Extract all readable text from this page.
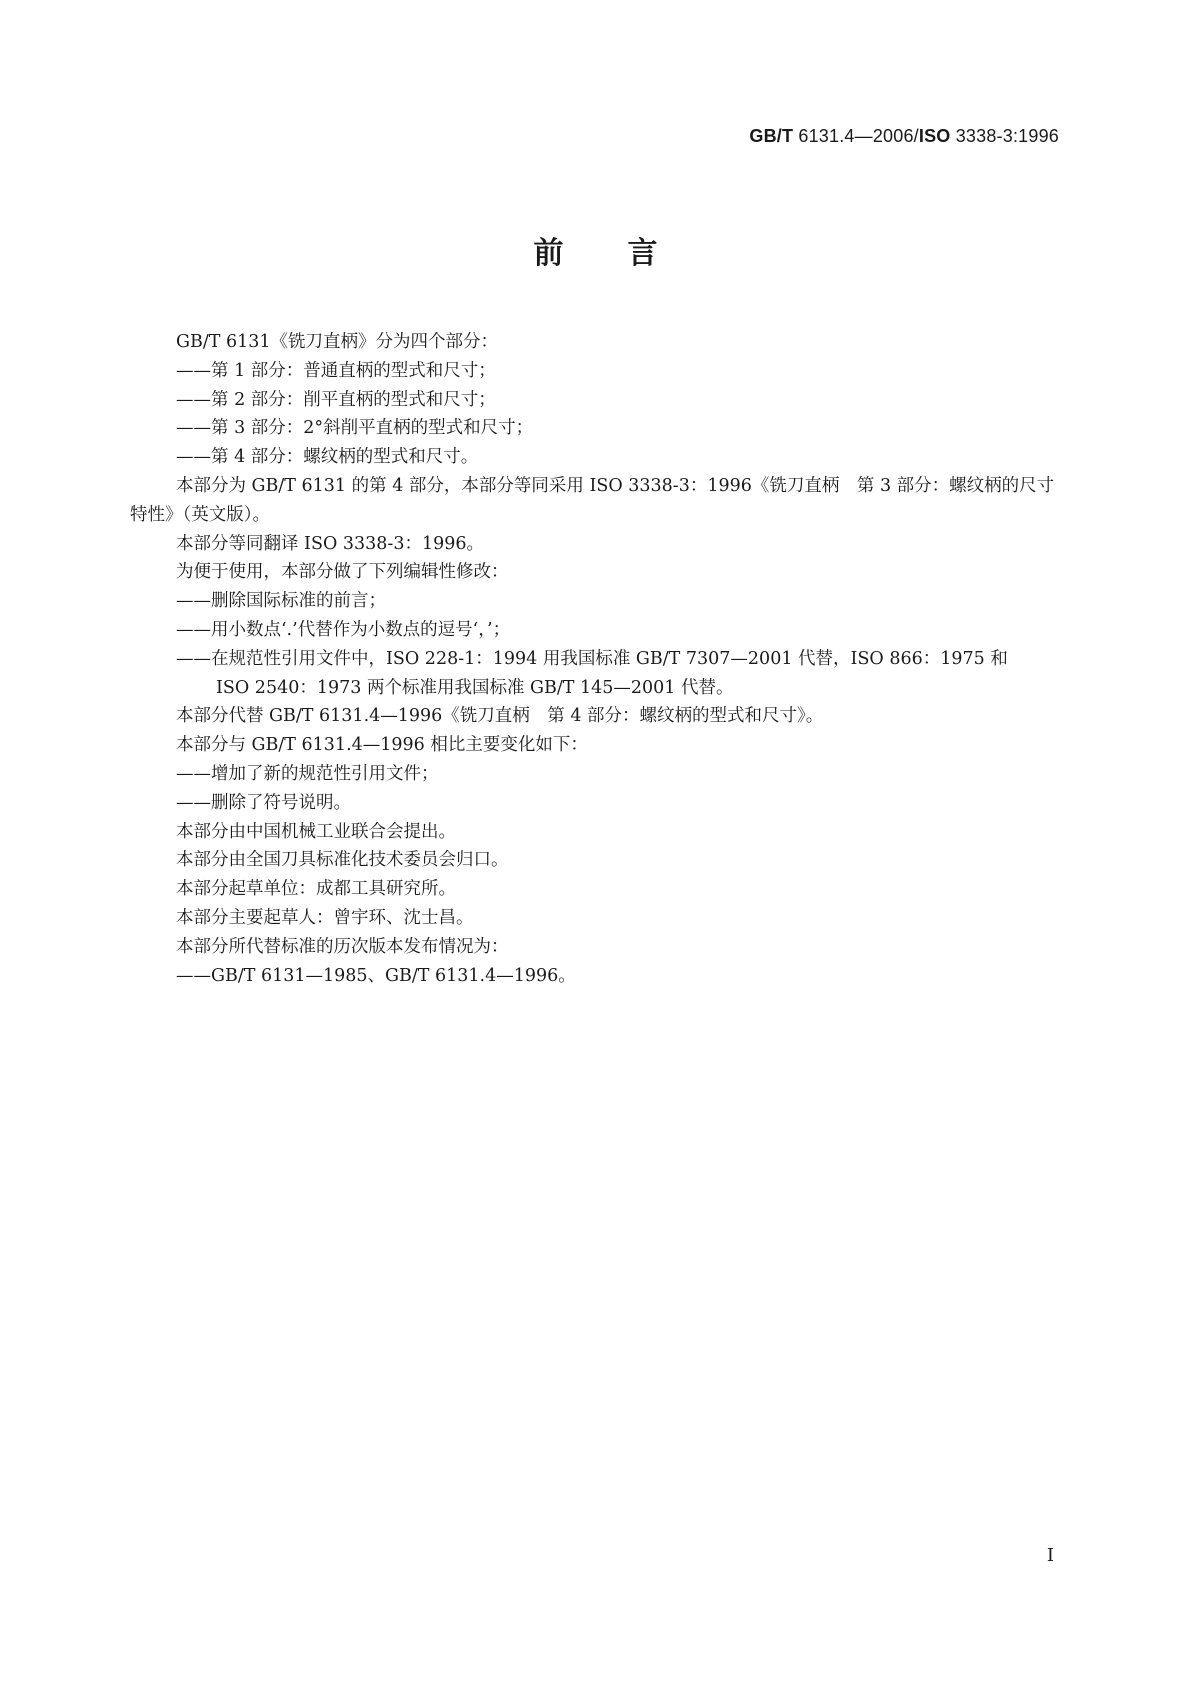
GB/T 6131.4—2006/ISO 3338-3:1996
前言

GB/T 6131《铣刀直柄》分为四个部分：

——第 1 部分：普通直柄的型式和尺寸；

——第 2 部分：削平直柄的型式和尺寸；

——第 3 部分：2°斜削平直柄的型式和尺寸；

——第 4 部分：螺纹柄的型式和尺寸。

本部分为 GB/T 6131 的第 4 部分，本部分等同采用 ISO 3338-3：1996《铣刀直柄　第 3 部分：螺纹柄的尺寸特性》（英文版）。

本部分等同翻译 ISO 3338-3：1996。

为便于使用，本部分做了下列编辑性修改：

——删除国际标准的前言；

——用小数点‘.’代替作为小数点的逗号‘，’；

——在规范性引用文件中，ISO 228-1：1994 用我国标准 GB/T 7307—2001 代替，ISO 866：1975 和

ISO 2540：1973 两个标准用我国标准 GB/T 145—2001 代替。

本部分代替 GB/T 6131.4—1996《铣刀直柄　第 4 部分：螺纹柄的型式和尺寸》。

本部分与 GB/T 6131.4—1996 相比主要变化如下：

——增加了新的规范性引用文件；

——删除了符号说明。

本部分由中国机械工业联合会提出。

本部分由全国刀具标准化技术委员会归口。

本部分起草单位：成都工具研究所。

本部分主要起草人：曾宇环、沈士昌。

本部分所代替标准的历次版本发布情况为：

——GB/T 6131—1985、GB/T 6131.4—1996。

I
